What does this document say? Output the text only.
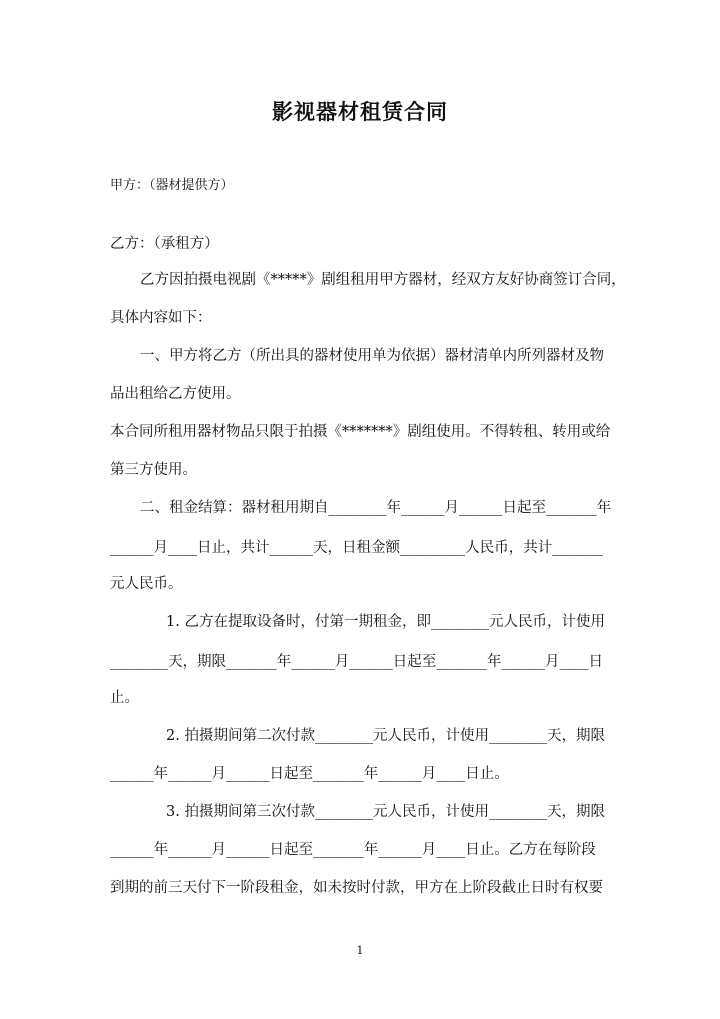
影视器材租赁合同
甲方：（器材提供方）
乙方：（承租方）
乙方因拍摄电视剧《*****》剧组租用甲方器材，经双方友好协商签订合同，
具体内容如下：
一、甲方将乙方（所出具的器材使用单为依据）器材清单内所列器材及物
品出租给乙方使用。
本合同所租用器材物品只限于拍摄《*******》剧组使用。不得转租、转用或给
第三方使用。
二、租金结算：器材租用期自________年______月______日起至_______年
______月____日止，共计______天，日租金额_________人民币，共计_______
元人民币。
1. 乙方在提取设备时，付第一期租金，即________元人民币，计使用
________天，期限_______年______月______日起至_______年______月____日
止。
2. 拍摄期间第二次付款________元人民币，计使用________天，期限
______年______月______日起至_______年______月____日止。
3. 拍摄期间第三次付款________元人民币，计使用________天，期限
______年______月______日起至_______年______月____日止。乙方在每阶段
到期的前三天付下一阶段租金，如未按时付款，甲方在上阶段截止日时有权要
1
